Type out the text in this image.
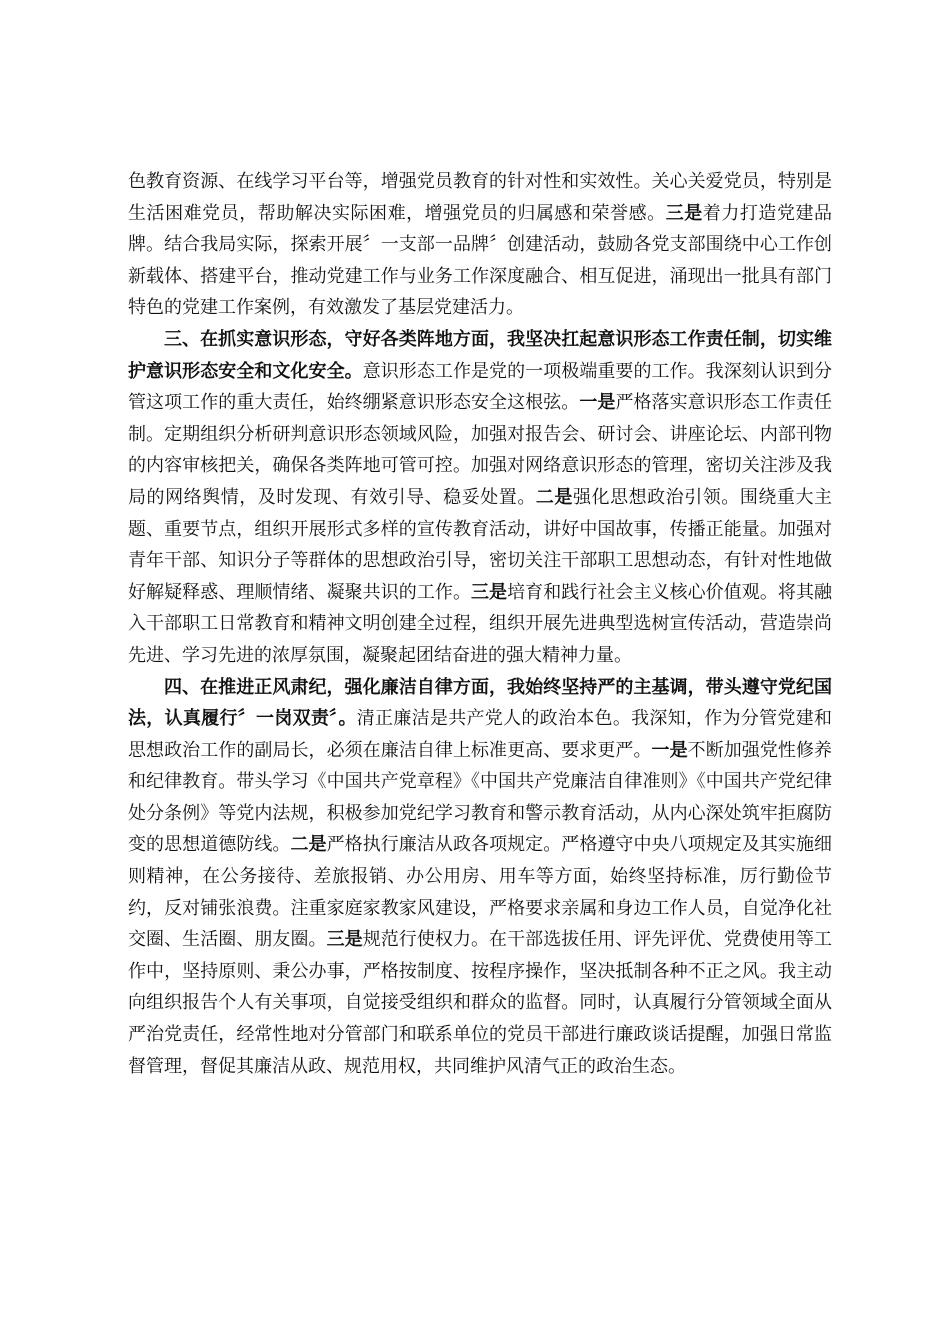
色教育资源、在线学习平台等，增强党员教育的针对性和实效性。关心关爱党员，特别是生活困难党员，帮助解决实际困难，增强党员的归属感和荣誉感。三是着力打造党建品牌。结合我局实际，探索开展〞一支部一品牌〞创建活动，鼓励各党支部围绕中心工作创新载体、搭建平台，推动党建工作与业务工作深度融合、相互促进，涌现出一批具有部门特色的党建工作案例，有效激发了基层党建活力。

三、在抓实意识形态，守好各类阵地方面，我坚决扛起意识形态工作责任制，切实维护意识形态安全和文化安全。意识形态工作是党的一项极端重要的工作。我深刻认识到分管这项工作的重大责任，始终绷紧意识形态安全这根弦。一是严格落实意识形态工作责任制。定期组织分析研判意识形态领域风险，加强对报告会、研讨会、讲座论坛、内部刊物的内容审核把关，确保各类阵地可管可控。加强对网络意识形态的管理，密切关注涉及我局的网络舆情，及时发现、有效引导、稳妥处置。二是强化思想政治引领。围绕重大主题、重要节点，组织开展形式多样的宣传教育活动，讲好中国故事，传播正能量。加强对青年干部、知识分子等群体的思想政治引导，密切关注干部职工思想动态，有针对性地做好解疑释惑、理顺情绪、凝聚共识的工作。三是培育和践行社会主义核心价值观。将其融入干部职工日常教育和精神文明创建全过程，组织开展先进典型选树宣传活动，营造崇尚先进、学习先进的浓厚氛围，凝聚起团结奋进的强大精神力量。

四、在推进正风肃纪，强化廉洁自律方面，我始终坚持严的主基调，带头遵守党纪国法，认真履行〞一岗双责〞。清正廉洁是共产党人的政治本色。我深知，作为分管党建和思想政治工作的副局长，必须在廉洁自律上标准更高、要求更严。一是不断加强党性修养和纪律教育。带头学习《中国共产党章程》《中国共产党廉洁自律准则》《中国共产党纪律处分条例》等党内法规，积极参加党纪学习教育和警示教育活动，从内心深处筑牢拒腐防变的思想道德防线。二是严格执行廉洁从政各项规定。严格遵守中央八项规定及其实施细则精神，在公务接待、差旅报销、办公用房、用车等方面，始终坚持标准，厉行勤俭节约，反对铺张浪费。注重家庭家教家风建设，严格要求亲属和身边工作人员，自觉净化社交圈、生活圈、朋友圈。三是规范行使权力。在干部选拔任用、评先评优、党费使用等工作中，坚持原则、秉公办事，严格按制度、按程序操作，坚决抵制各种不正之风。我主动向组织报告个人有关事项，自觉接受组织和群众的监督。同时，认真履行分管领域全面从严治党责任，经常性地对分管部门和联系单位的党员干部进行廉政谈话提醒，加强日常监督管理，督促其廉洁从政、规范用权，共同维护风清气正的政治生态。
